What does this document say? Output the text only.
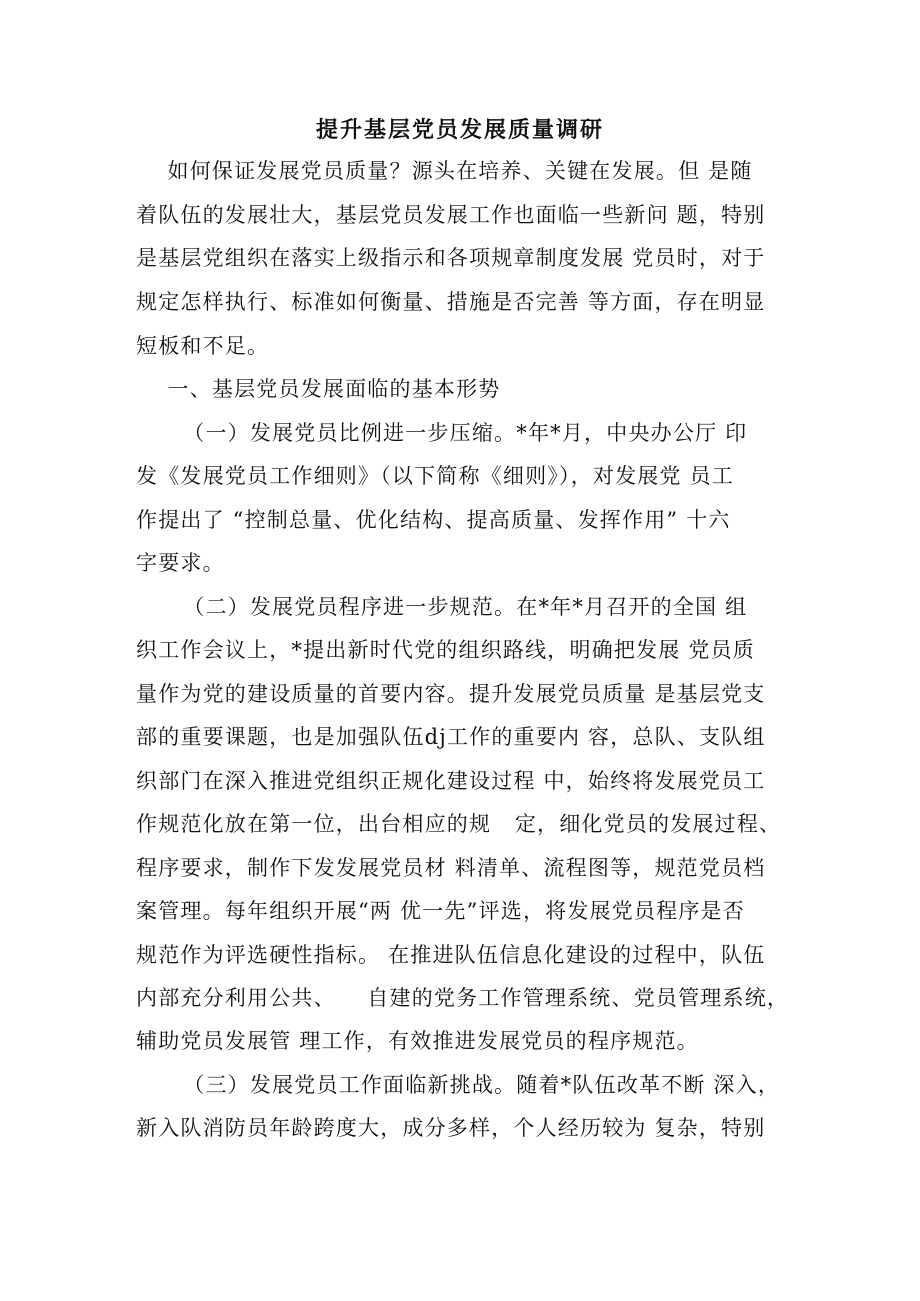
提升基层党员发展质量调研
如何保证发展党员质量？源头在培养、关键在发展。但 是随
着队伍的发展壮大，基层党员发展工作也面临一些新问 题，特别
是基层党组织在落实上级指示和各项规章制度发展 党员时，对于
规定怎样执行、标准如何衡量、措施是否完善 等方面，存在明显
短板和不足。
一、基层党员发展面临的基本形势
（一）发展党员比例进一步压缩。*年*月，中央办公厅 印
发《发展党员工作细则》（以下简称《细则》），对发展党 员工
作提出了 “控制总量、优化结构、提高质量、发挥作用” 十六
字要求。
（二）发展党员程序进一步规范。在*年*月召开的全国 组
织工作会议上，*提出新时代党的组织路线，明确把发展 党员质
量作为党的建设质量的首要内容。提升发展党员质量 是基层党支
部的重要课题，也是加强队伍dj工作的重要内 容，总队、支队组
织部门在深入推进党组织正规化建设过程 中，始终将发展党员工
作规范化放在第一位，出台相应的规   定，细化党员的发展过程、
程序要求，制作下发发展党员材 料清单、流程图等，规范党员档
案管理。每年组织开展“两 优一先”评选，将发展党员程序是否
规范作为评选硬性指标。 在推进队伍信息化建设的过程中，队伍
内部充分利用公共、    自建的党务工作管理系统、党员管理系统，
辅助党员发展管 理工作，有效推进发展党员的程序规范。
（三）发展党员工作面临新挑战。随着*队伍改革不断 深入，
新入队消防员年龄跨度大，成分多样，个人经历较为 复杂，特别
